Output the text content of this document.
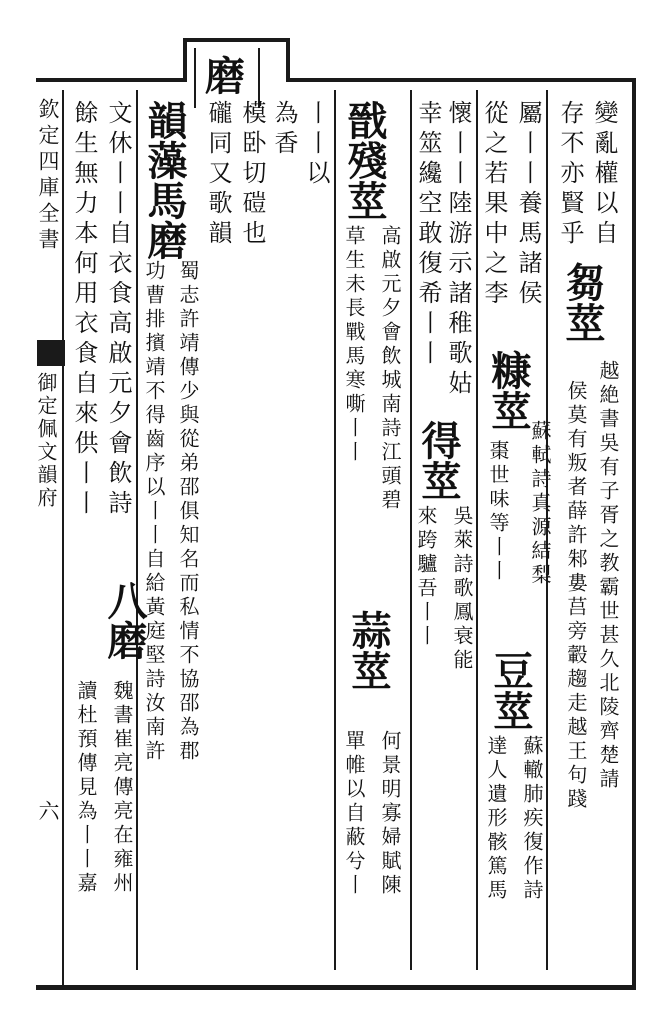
磨
欽定四庫全書
御定佩文韻府
六
變亂權以自
存不亦賢乎
芻莖
越絶書吳有子胥之教霸世甚久北陵齊楚請
侯莫有叛者薛許邾婁莒旁轂趨走越王句踐
屬丨丨養馬諸侯
從之若果中之李
糠莖
蘇軾詩真源結梨
棗世味等丨丨
豆莖
蘇轍肺疾復作詩
達人遺形骸篤馬
懷丨丨陸游示諸稚歌姑
幸筮纔空敢復希丨丨
得莖
吳萊詩歌鳳衰能
來跨驢吾丨丨
戩殘莖
高啟元夕會飲城南詩江頭碧
草生未長戰馬寒嘶丨丨
蒜莖
何景明寡婦賦陳
單帷以自蔽兮丨
丨丨以
為香
模卧切磑也
礲同又歌韻
韻藻馬磨
蜀志許靖傳少與從弟邵俱知名而私情不協邵為郡
功曹排擯靖不得齒序以丨丨自給黃庭堅詩汝南許
文休丨丨自衣食高啟元夕會飲詩
八磨
魏書崔亮傳亮在雍州
餘生無力本何用衣食自來供丨丨
讀杜預傳見為丨丨嘉
